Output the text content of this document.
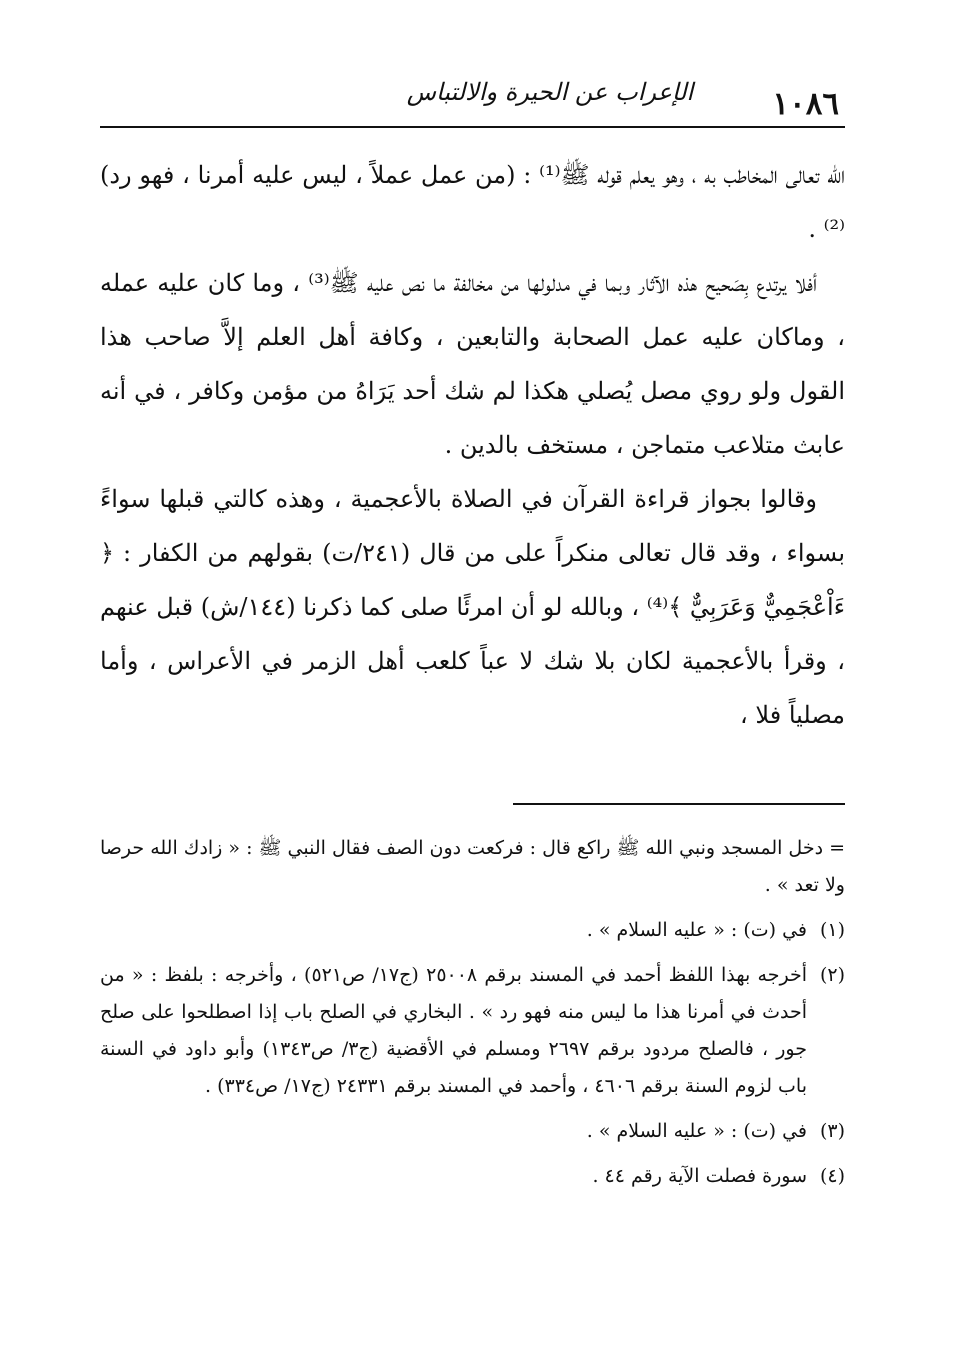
١٠٨٦
الإعراب عن الحيرة والالتباس

الله تعالى المخاطب به ، وهو يعلم قوله ﷺ⁽¹⁾ : (من عمل عملاً ، ليس عليه أمرنا ، فهو رد)⁽²⁾ .

أفلا يرتدع بِصَحيح هذه الآثار وبما في مدلولها من مخالفة ما نص عليه ﷺ⁽³⁾ ، وما كان عليه عمله ، وماكان عليه عمل الصحابة والتابعين ، وكافة أهل العلم إلاَّ صاحب هذا القول ولو روي مصل يُصلي هكذا لم شك أحد يَرَاهُ من مؤمن وكافر ، في أنه عابث متلاعب متماجن ، مستخف بالدين .

وقالوا بجواز قراءة القرآن في الصلاة بالأعجمية ، وهذه كالتي قبلها سواءً بسواء ، وقد قال تعالى منكراً على من قال (٢٤١/ت) بقولهم من الكفار : ﴿ ءَاْعْجَمِيٌّ وَعَرَبِيٌّ ﴾⁽⁴⁾ ، وبالله لو أن امرئًا صلى كما ذكرنا (١٤٤/ش) قبل عنهم ، وقرأ بالأعجمية لكان بلا شك لا عباً كلعب أهل الزمر في الأعراس ، وأما مصلياً فلا ،

= دخل المسجد ونبي الله ﷺ راكع قال : فركعت دون الصف فقال النبي ﷺ : « زادك الله حرصا ولا تعد » .
(١)
في (ت) : « عليه السلام » .
(٢)
أخرجه بهذا اللفظ أحمد في المسند برقم ٢٥٠٠٨ (ج١٧/ ص٥٢١) ، وأخرجه : بلفظ : « من أحدث في أمرنا هذا ما ليس منه فهو رد » . البخاري في الصلح باب إذا اصطلحوا على صلح جور ، فالصلح مردود برقم ٢٦٩٧ ومسلم في الأقضية (ج٣/ ص١٣٤٣) وأبو داود في السنة باب لزوم السنة برقم ٤٦٠٦ ، وأحمد في المسند برقم ٢٤٣٣١ (ج١٧/ ص٣٣٤) .
(٣)
في (ت) : « عليه السلام » .
(٤)
سورة فصلت الآية رقم ٤٤ .
